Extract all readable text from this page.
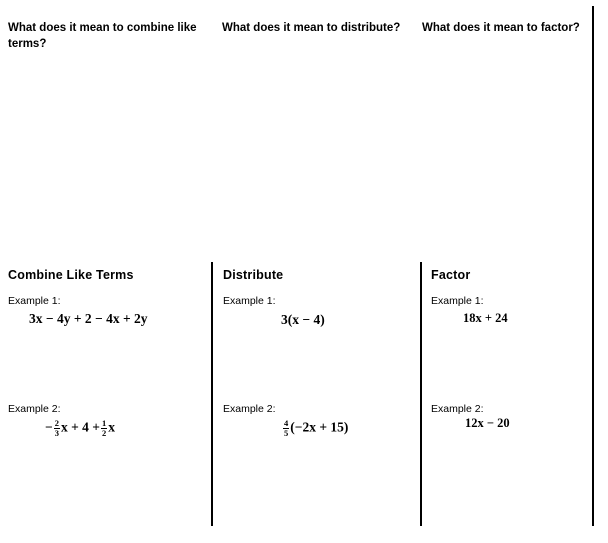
What does it mean to combine like terms?
What does it mean to distribute?	What does it mean to factor?
Combine Like Terms
Example 1:
3x − 4y + 2 − 4x + 2y
Example 2:
− $\frac{2}{3}$ $x + 4 + \frac{1}{2}$ x
Distribute
Example 1:
3(x − 4)
Example 2:
$\frac{4}{5} (-2x + 15)$
Factor
Example 1:
18x + 24
Example 2:
12x − 20
